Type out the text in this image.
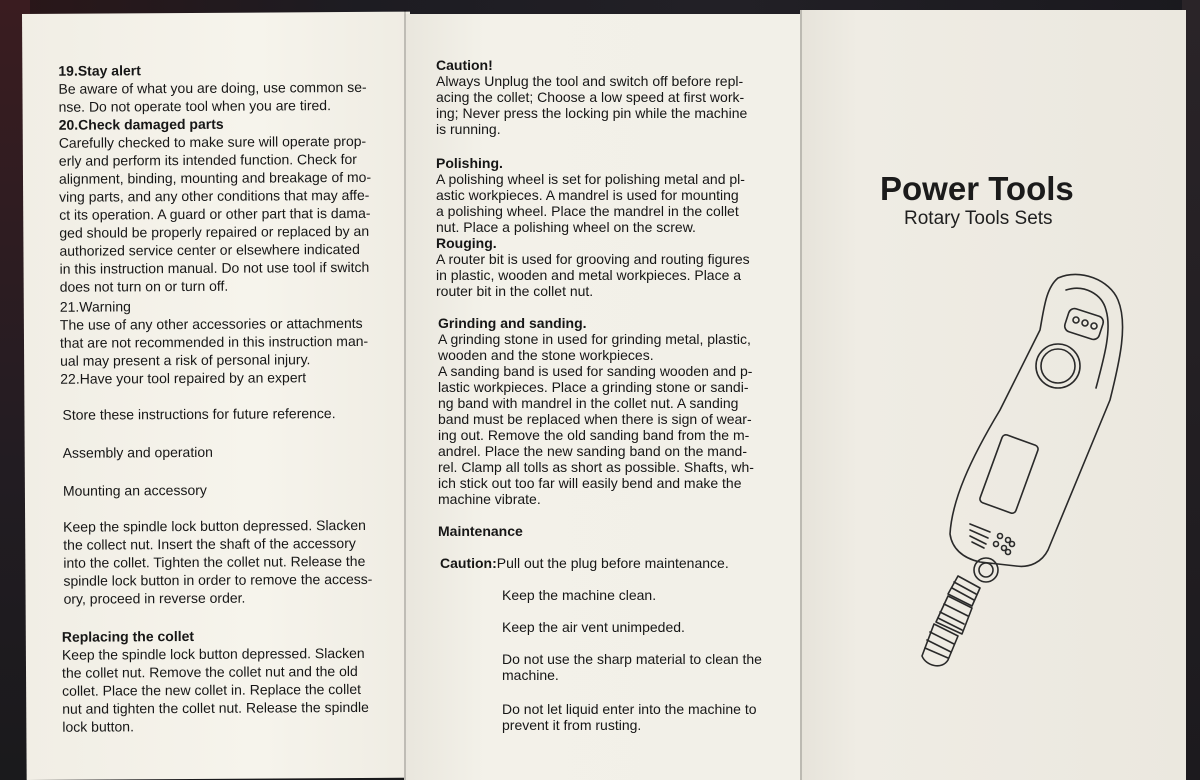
19.Stay alert
Be aware of what you are doing, use common se-
nse. Do not operate tool when you are tired.
20.Check damaged parts
Carefully checked to make sure will operate prop-
erly and perform its intended function. Check for
alignment, binding, mounting and breakage of mo-
ving parts, and any other conditions that may affe-
ct its operation. A guard or other part that is dama-
ged should be properly repaired or replaced by an
authorized service center or elsewhere indicated
in this instruction manual. Do not use tool if switch
does not turn on or turn off.
21.Warning
The use of any other accessories or attachments
that are not recommended in this instruction man-
ual may present a risk of personal injury.
22.Have your tool repaired by an expert
Store these instructions for future reference.
Assembly and operation
Mounting an accessory
Keep the spindle lock button depressed. Slacken
the collect nut. Insert the shaft of the accessory
into the collet. Tighten the collet nut. Release the
spindle lock button in order to remove the access-
ory, proceed in reverse order.
Replacing the collet
Keep the spindle lock button depressed. Slacken
the collet nut. Remove the collet nut and the old
collet. Place the new collet in. Replace the collet
nut and tighten the collet nut. Release the spindle
lock button.
Caution!
Always Unplug the tool and switch off before repl-
acing the collet; Choose a low speed at first work-
ing; Never press the locking pin while the machine
is running.
Polishing.
A polishing wheel is set for polishing metal and pl-
astic workpieces. A mandrel is used for mounting
a polishing wheel. Place the mandrel in the collet
nut. Place a polishing wheel on the screw.
Rouging.
A router bit is used for grooving and routing figures
in plastic, wooden and metal workpieces. Place a
router bit in the collet nut.
Grinding and sanding.
A grinding stone in used for grinding metal, plastic,
wooden and the stone workpieces.
A sanding band is used for sanding wooden and p-
lastic workpieces. Place a grinding stone or sandi-
ng band with mandrel in the collet nut. A sanding
band must be replaced when there is sign of wear-
ing out. Remove the old sanding band from the m-
andrel. Place the new sanding band on the mand-
rel. Clamp all tolls as short as possible. Shafts, wh-
ich stick out too far will easily bend and make the
machine vibrate.
Maintenance
Caution:Pull out the plug before maintenance.
Keep the machine clean.
Keep the air vent unimpeded.
Do not use the sharp material to clean the
machine.
Do not let liquid enter into the machine to
prevent it from rusting.
Power Tools
Rotary Tools Sets
